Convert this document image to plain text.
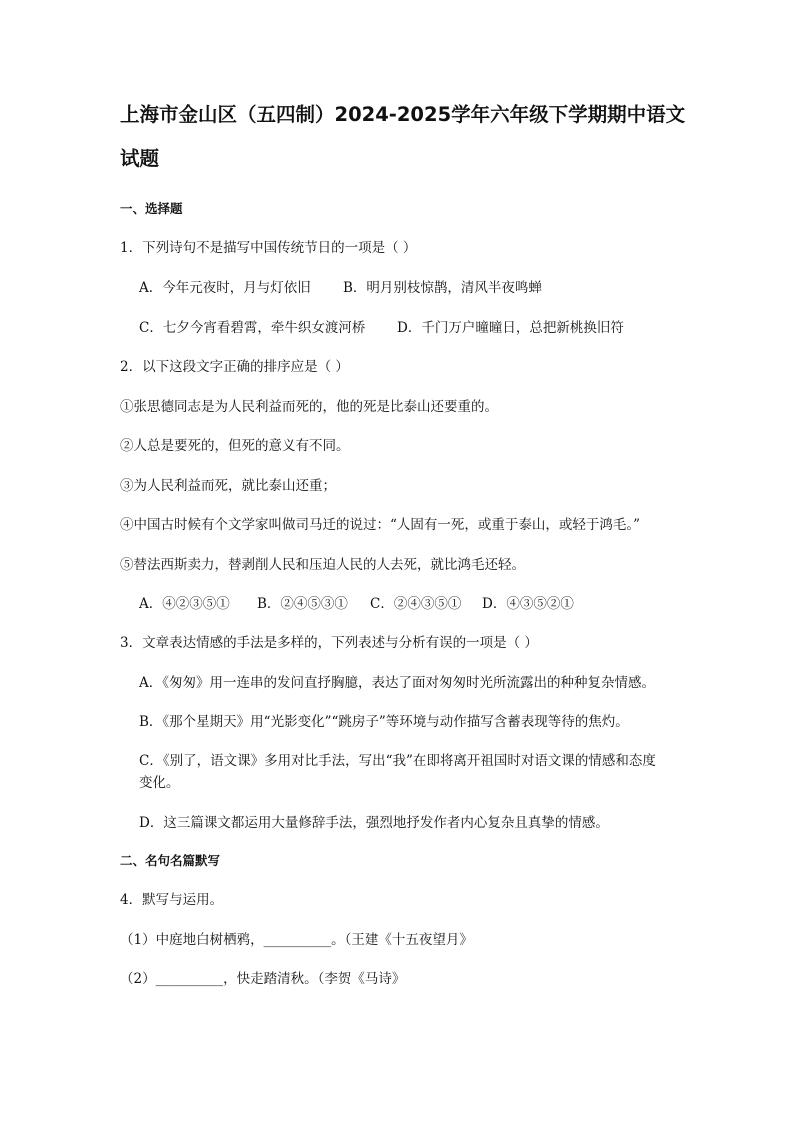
上海市金山区（五四制）2024-2025学年六年级下学期期中语文
试题
一、选择题
1．下列诗句不是描写中国传统节日的一项是（ ）
A．今年元夜时，月与灯依旧 B．明月别枝惊鹊，清风半夜鸣蝉
C．七夕今宵看碧霄，牵牛织女渡河桥 D．千门万户曈曈日，总把新桃换旧符
2．以下这段文字正确的排序应是（ ）
①张思德同志是为人民利益而死的，他的死是比泰山还要重的。
②人总是要死的，但死的意义有不同。
③为人民利益而死，就比泰山还重；
④中国古时候有个文学家叫做司马迁的说过：“人固有一死，或重于泰山，或轻于鸿毛。”
⑤替法西斯卖力，替剥削人民和压迫人民的人去死，就比鸿毛还轻。
A．④②③⑤① B．②④⑤③① C．②④③⑤① D．④③⑤②①
3．文章表达情感的手法是多样的，下列表述与分析有误的一项是（ ）
A．《匆匆》用一连串的发问直抒胸臆，表达了面对匆匆时光所流露出的种种复杂情感。
B．《那个星期天》用“光影变化”“跳房子”等环境与动作描写含蓄表现等待的焦灼。
C．《别了，语文课》多用对比手法，写出“我”在即将离开祖国时对语文课的情感和态度
变化。
D．这三篇课文都运用大量修辞手法，强烈地抒发作者内心复杂且真挚的情感。
二、名句名篇默写
4．默写与运用。
（1）中庭地白树栖鸦，__________。（王建《十五夜望月》
（2）__________，快走踏清秋。（李贺《马诗》
